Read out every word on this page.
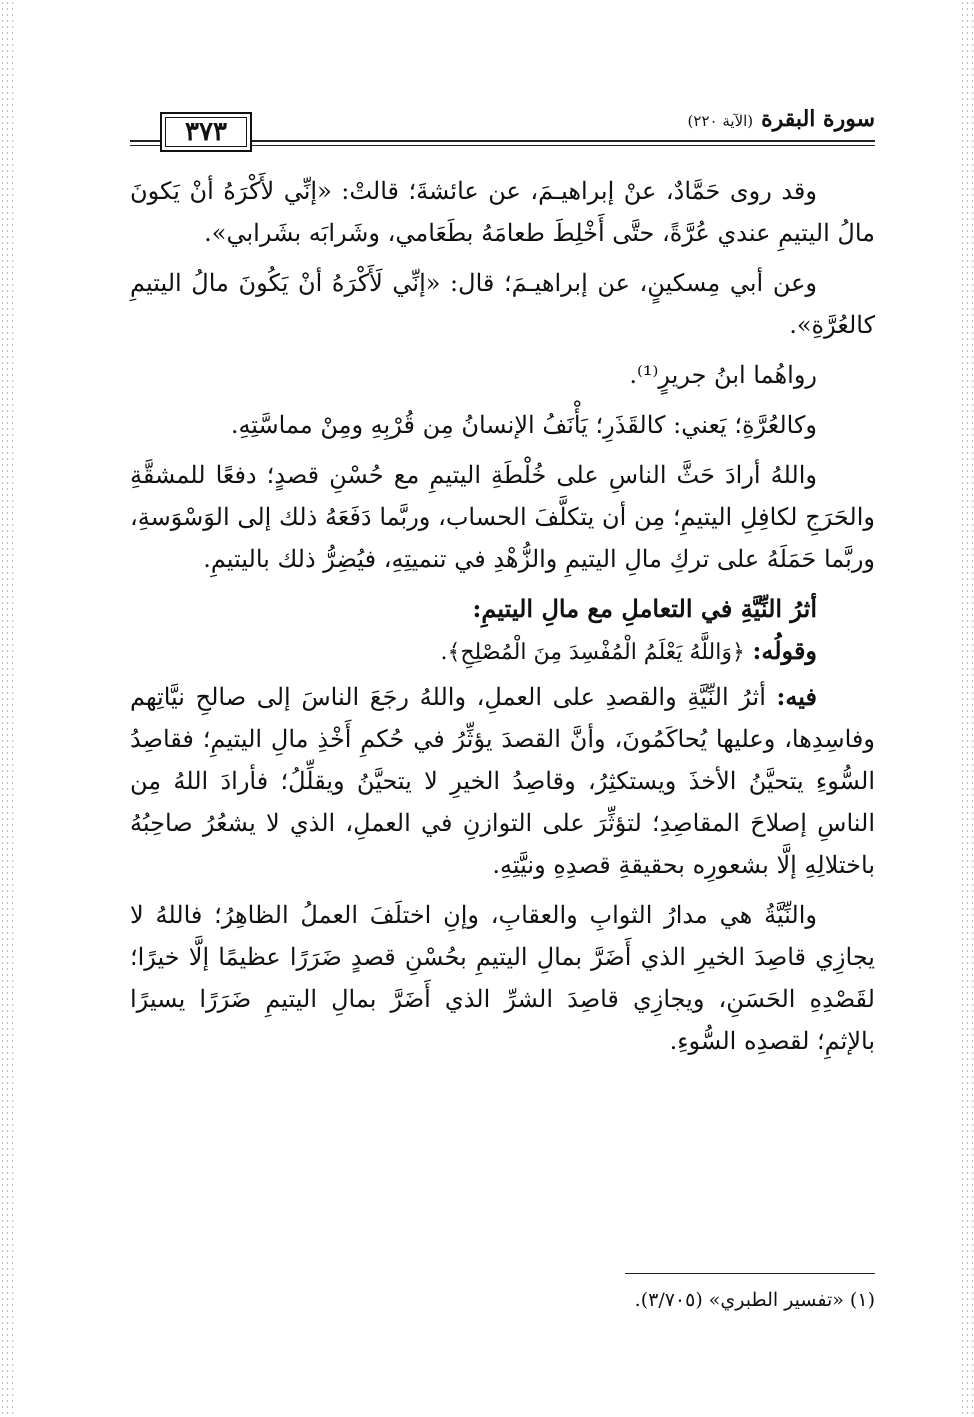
٣٧٣	سورة البقرة
(الآية ٢٢٠)

وقد روى حَمَّادٌ، عنْ إبراهيـمَ، عن عائشةَ؛ قالتْ: «إنِّي لأَكْرَهُ أنْ يَكونَ مالُ اليتيمِ عندي عُرَّةً، حتَّى أَخْلِطَ طعامَهُ بطَعَامي، وشَرابَه بشَرابي».

وعن أبي مِسكينٍ، عن إبراهيـمَ؛ قال: «إنِّي لَأَكْرَهُ أنْ يَكُونَ مالُ اليتيمِ كالعُرَّةِ».

رواهُما ابنُ جريرٍ⁽¹⁾.

وكالعُرَّةِ؛ يَعني: كالقَذَرِ؛ يَأْنَفُ الإنسانُ مِن قُرْبِهِ ومِنْ مماسَّتِهِ.

واللهُ أرادَ حَثَّ الناسِ على خُلْطَةِ اليتيمِ مع حُسْنِ قصدٍ؛ دفعًا للمشقَّةِ والحَرَجِ لكافِلِ اليتيمِ؛ مِن أن يتكلَّفَ الحساب، وربَّما دَفَعَهُ ذلك إلى الوَسْوَسةِ، وربَّما حَمَلَهُ على تركِ مالِ اليتيمِ والزُّهْدِ في تنميتِهِ، فيُضِرُّ ذلك باليتيمِ.

أثرُ النِّيَّةِ في التعاملِ مع مالِ اليتيمِ:

وقولُه: ﴿وَاللَّهُ يَعْلَمُ الْمُفْسِدَ مِنَ الْمُصْلِحِ﴾.

فيه: أثرُ النِّيَّةِ والقصدِ على العملِ، واللهُ رجَعَ الناسَ إلى صالحِ نيَّاتِهم وفاسِدِها، وعليها يُحاكَمُونَ، وأنَّ القصدَ يؤثِّرُ في حُكمِ أَخْذِ مالِ اليتيمِ؛ فقاصِدُ السُّوءِ يتحيَّنُ الأخذَ ويستكثِرُ، وقاصِدُ الخيرِ لا يتحيَّنُ ويقلِّلُ؛ فأرادَ اللهُ مِن الناسِ إصلاحَ المقاصِدِ؛ لتؤثِّرَ على التوازنِ في العملِ، الذي لا يشعُرُ صاحِبُهُ باختلالِهِ إلَّا بشعورِه بحقيقةِ قصدِهِ ونيَّتِهِ.

والنِّيَّةُ هي مدارُ الثوابِ والعقابِ، وإنِ اختلَفَ العملُ الظاهِرُ؛ فاللهُ لا يجازِي قاصِدَ الخيرِ الذي أَضَرَّ بمالِ اليتيمِ بحُسْنِ قصدٍ ضَرَرًا عظيمًا إلَّا خيرًا؛ لقَصْدِهِ الحَسَنِ، ويجازِي قاصِدَ الشرِّ الذي أَضَرَّ بمالِ اليتيمِ ضَرَرًا يسيرًا بالإثمِ؛ لقصدِه السُّوءِ.

(١) «تفسير الطبري» (٣/٧٠٥).
